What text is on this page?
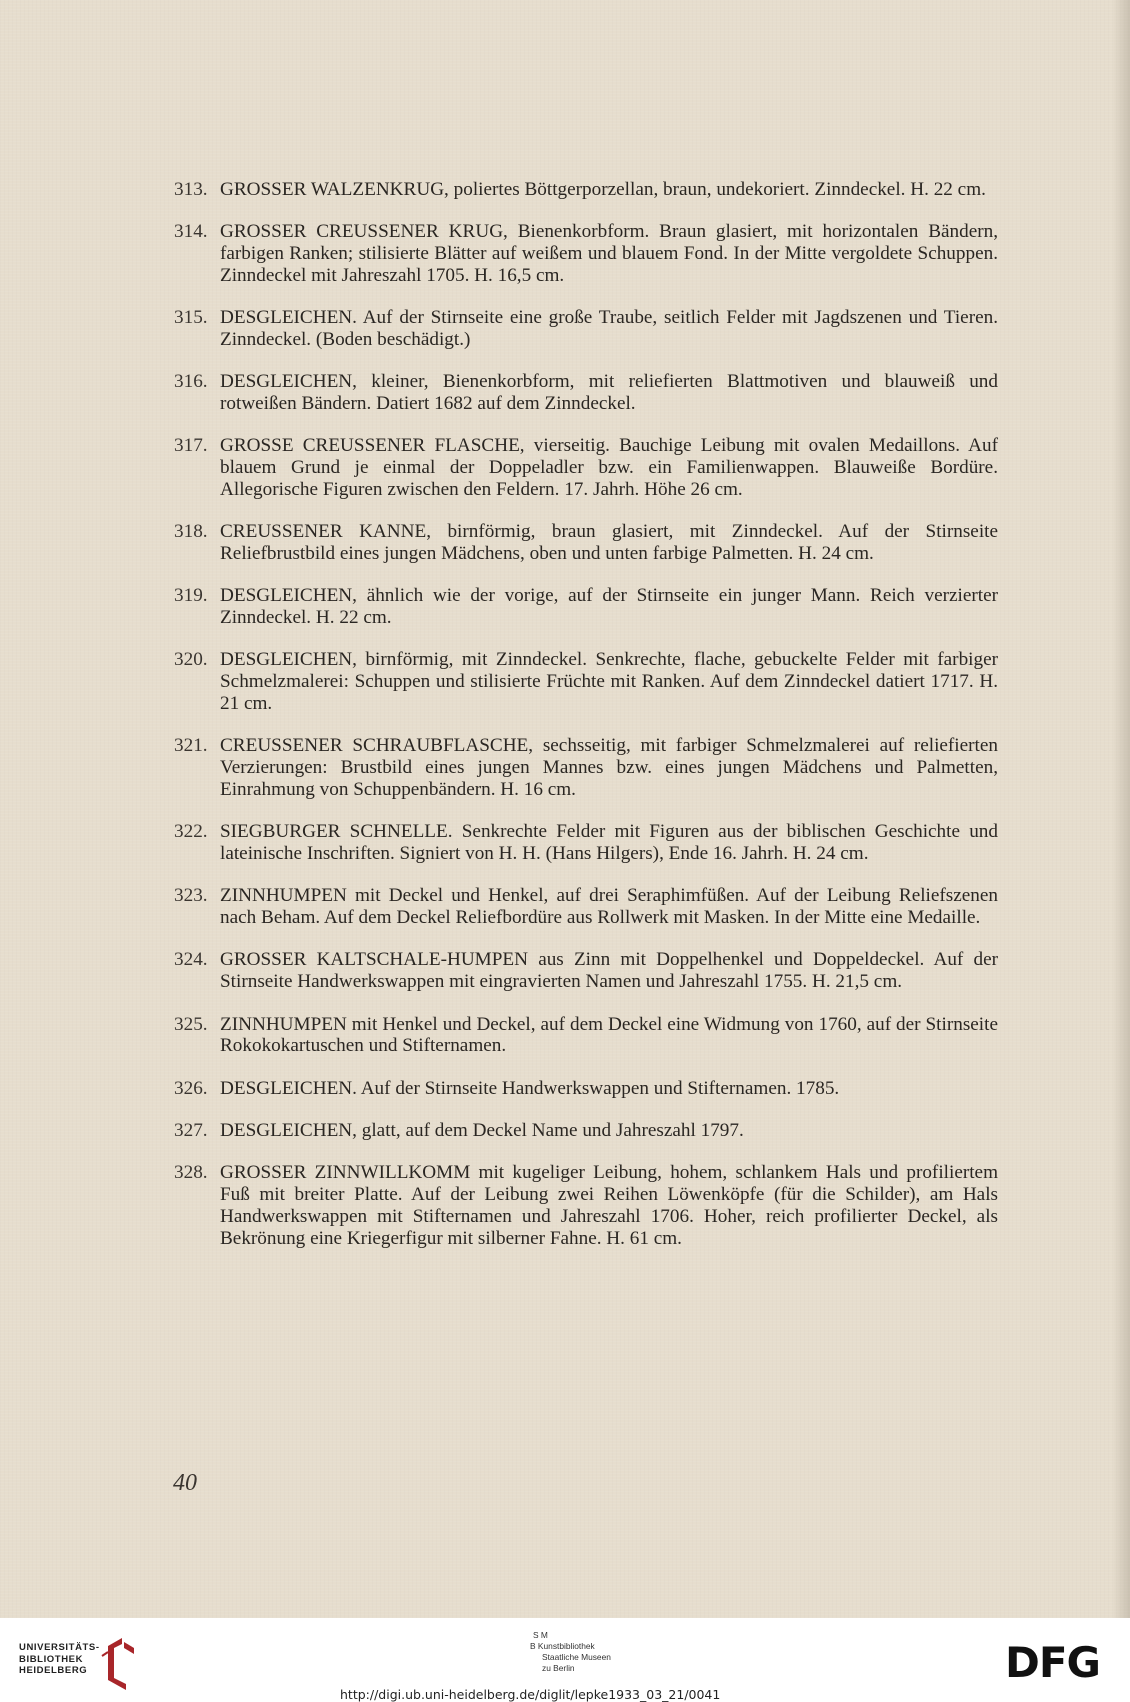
313. GROSSER WALZENKRUG, poliertes Böttgerporzellan, braun, undekoriert. Zinndeckel. H. 22 cm.
314. GROSSER CREUSSENER KRUG, Bienenkorbform. Braun glasiert, mit horizontalen Bändern, farbigen Ranken; stilisierte Blätter auf weißem und blauem Fond. In der Mitte vergoldete Schuppen. Zinndeckel mit Jahreszahl 1705. H. 16,5 cm.
315. DESGLEICHEN. Auf der Stirnseite eine große Traube, seitlich Felder mit Jagdszenen und Tieren. Zinndeckel. (Boden beschädigt.)
316. DESGLEICHEN, kleiner, Bienenkorbform, mit reliefierten Blattmotiven und blauweiß und rotweißen Bändern. Datiert 1682 auf dem Zinndeckel.
317. GROSSE CREUSSENER FLASCHE, vierseitig. Bauchige Leibung mit ovalen Medaillons. Auf blauem Grund je einmal der Doppeladler bzw. ein Familienwappen. Blauweiße Bordüre. Allegorische Figuren zwischen den Feldern. 17. Jahrh. Höhe 26 cm.
318. CREUSSENER KANNE, birnförmig, braun glasiert, mit Zinndeckel. Auf der Stirnseite Reliefbrustbild eines jungen Mädchens, oben und unten farbige Palmetten. H. 24 cm.
319. DESGLEICHEN, ähnlich wie der vorige, auf der Stirnseite ein junger Mann. Reich verzierter Zinndeckel. H. 22 cm.
320. DESGLEICHEN, birnförmig, mit Zinndeckel. Senkrechte, flache, gebuckelte Felder mit farbiger Schmelzmalerei: Schuppen und stilisierte Früchte mit Ranken. Auf dem Zinndeckel datiert 1717. H. 21 cm.
321. CREUSSENER SCHRAUBFLASCHE, sechsseitig, mit farbiger Schmelzmalerei auf reliefierten Verzierungen: Brustbild eines jungen Mannes bzw. eines jungen Mädchens und Palmetten, Einrahmung von Schuppenbändern. H. 16 cm.
322. SIEGBURGER SCHNELLE. Senkrechte Felder mit Figuren aus der biblischen Geschichte und lateinische Inschriften. Signiert von H. H. (Hans Hilgers), Ende 16. Jahrh. H. 24 cm.
323. ZINNHUMPEN mit Deckel und Henkel, auf drei Seraphimfüßen. Auf der Leibung Reliefszenen nach Beham. Auf dem Deckel Reliefbordüre aus Rollwerk mit Masken. In der Mitte eine Medaille.
324. GROSSER KALTSCHALE-HUMPEN aus Zinn mit Doppelhenkel und Doppeldeckel. Auf der Stirnseite Handwerkswappen mit eingravierten Namen und Jahreszahl 1755. H. 21,5 cm.
325. ZINNHUMPEN mit Henkel und Deckel, auf dem Deckel eine Widmung von 1760, auf der Stirnseite Rokokokartuschen und Stifternamen.
326. DESGLEICHEN. Auf der Stirnseite Handwerkswappen und Stifternamen. 1785.
327. DESGLEICHEN, glatt, auf dem Deckel Name und Jahreszahl 1797.
328. GROSSER ZINNWILLKOMM mit kugeliger Leibung, hohem, schlankem Hals und profiliertem Fuß mit breiter Platte. Auf der Leibung zwei Reihen Löwenköpfe (für die Schilder), am Hals Handwerkswappen mit Stifternamen und Jahreszahl 1706. Hoher, reich profilierter Deckel, als Bekrönung eine Kriegerfigur mit silberner Fahne. H. 61 cm.
40
UNIVERSITÄTS-
BIBLIOTHEK
HEIDELBERG
S M
B Kunstbibliothek
Staatliche Museen
zu Berlin	DFG
http://digi.ub.uni-heidelberg.de/diglit/lepke1933_03_21/0041
